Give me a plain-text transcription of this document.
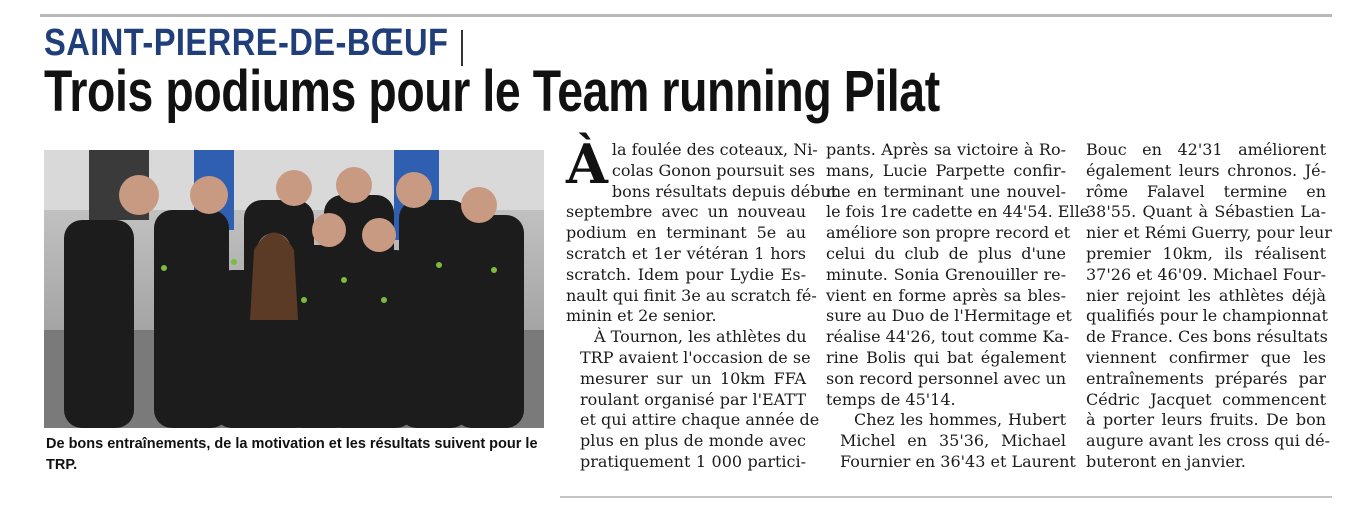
SAINT-PIERRE-DE-BŒUF
Trois podiums pour le Team running Pilat
De bons entraînements, de la motivation et les résultats suivent pour le TRP.

À la foulée des coteaux, Ni-
colas Gonon poursuit ses
bons résultats depuis début
septembre avec un nouveau
podium en terminant 5e au
scratch et 1er vétéran 1 hors
scratch. Idem pour Lydie Es-
nault qui finit 3e au scratch fé-
minin et 2e senior.

À Tournon, les athlètes du
TRP avaient l'occasion de se
mesurer sur un 10km FFA
roulant organisé par l'EATT
et qui attire chaque année de
plus en plus de monde avec
pratiquement 1 000 partici-

pants. Après sa victoire à Ro-
mans, Lucie Parpette confir-
me en terminant une nouvel-
le fois 1re cadette en 44'54. Elle
améliore son propre record et
celui du club de plus d'une
minute. Sonia Grenouiller re-
vient en forme après sa bles-
sure au Duo de l'Hermitage et
réalise 44'26, tout comme Ka-
rine Bolis qui bat également
son record personnel avec un
temps de 45'14.

Chez les hommes, Hubert
Michel en 35'36, Michael
Fournier en 36'43 et Laurent

Bouc en 42'31 améliorent
également leurs chronos. Jé-
rôme Falavel termine en
38'55. Quant à Sébastien La-
nier et Rémi Guerry, pour leur
premier 10km, ils réalisent
37'26 et 46'09. Michael Four-
nier rejoint les athlètes déjà
qualifiés pour le championnat
de France. Ces bons résultats
viennent confirmer que les
entraînements préparés par
Cédric Jacquet commencent
à porter leurs fruits. De bon
augure avant les cross qui dé-
buteront en janvier.
